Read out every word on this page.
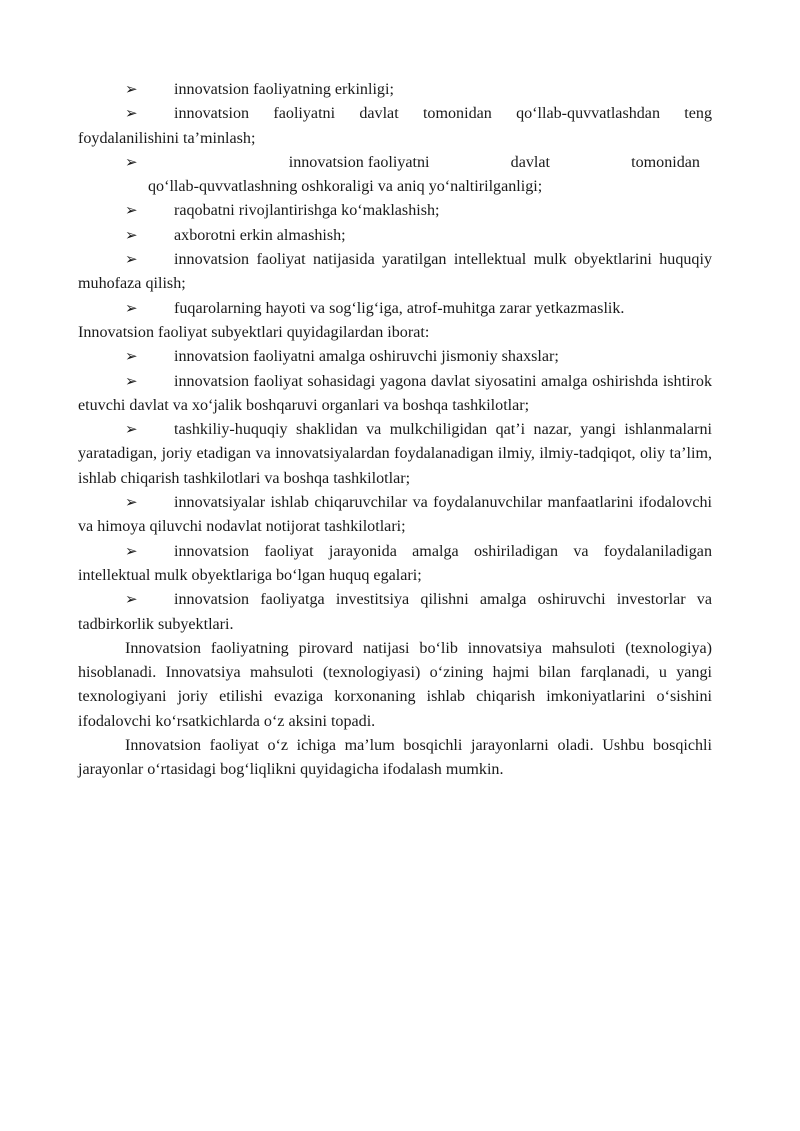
➢ innovatsion faoliyatning erkinligi;

➢ innovatsion faoliyatni davlat tomonidan qo‘llab-quvvatlashdan teng foydalanilishini ta’minlash;

➢	innovatsion faoliyatni	davlat	tomonidan
qo‘llab-quvvatlashning oshkoraligi va aniq yo‘naltirilganligi;

➢ raqobatni rivojlantirishga ko‘maklashish;

➢ axborotni erkin almashish;

➢ innovatsion faoliyat natijasida yaratilgan intellektual mulk obyektlarini huquqiy muhofaza qilish;

➢ fuqarolarning hayoti va sog‘lig‘iga, atrof-muhitga zarar yetkazmaslik.

Innovatsion faoliyat subyektlari quyidagilardan iborat:

➢ innovatsion faoliyatni amalga oshiruvchi jismoniy shaxslar;

➢ innovatsion faoliyat sohasidagi yagona davlat siyosatini amalga oshirishda ishtirok etuvchi davlat va xo‘jalik boshqaruvi organlari va boshqa tashkilotlar;

➢ tashkiliy-huquqiy shaklidan va mulkchiligidan qat’i nazar, yangi ishlanmalarni yaratadigan, joriy etadigan va innovatsiyalardan foydalanadigan ilmiy, ilmiy-tadqiqot, oliy ta’lim, ishlab chiqarish tashkilotlari va boshqa tashkilotlar;

➢ innovatsiyalar ishlab chiqaruvchilar va foydalanuvchilar manfaatlarini ifodalovchi va himoya qiluvchi nodavlat notijorat tashkilotlari;

➢ innovatsion faoliyat jarayonida amalga oshiriladigan va foydalaniladigan intellektual mulk obyektlariga bo‘lgan huquq egalari;

➢ innovatsion faoliyatga investitsiya qilishni amalga oshiruvchi investorlar va tadbirkorlik subyektlari.

Innovatsion faoliyatning pirovard natijasi bo‘lib innovatsiya mahsuloti (texnologiya) hisoblanadi. Innovatsiya mahsuloti (texnologiyasi) o‘zining hajmi bilan farqlanadi, u yangi texnologiyani joriy etilishi evaziga korxonaning ishlab chiqarish imkoniyatlarini o‘sishini ifodalovchi ko‘rsatkichlarda o‘z aksini topadi.

Innovatsion faoliyat o‘z ichiga ma’lum bosqichli jarayonlarni oladi. Ushbu bosqichli jarayonlar o‘rtasidagi bog‘liqlikni quyidagicha ifodalash mumkin.
